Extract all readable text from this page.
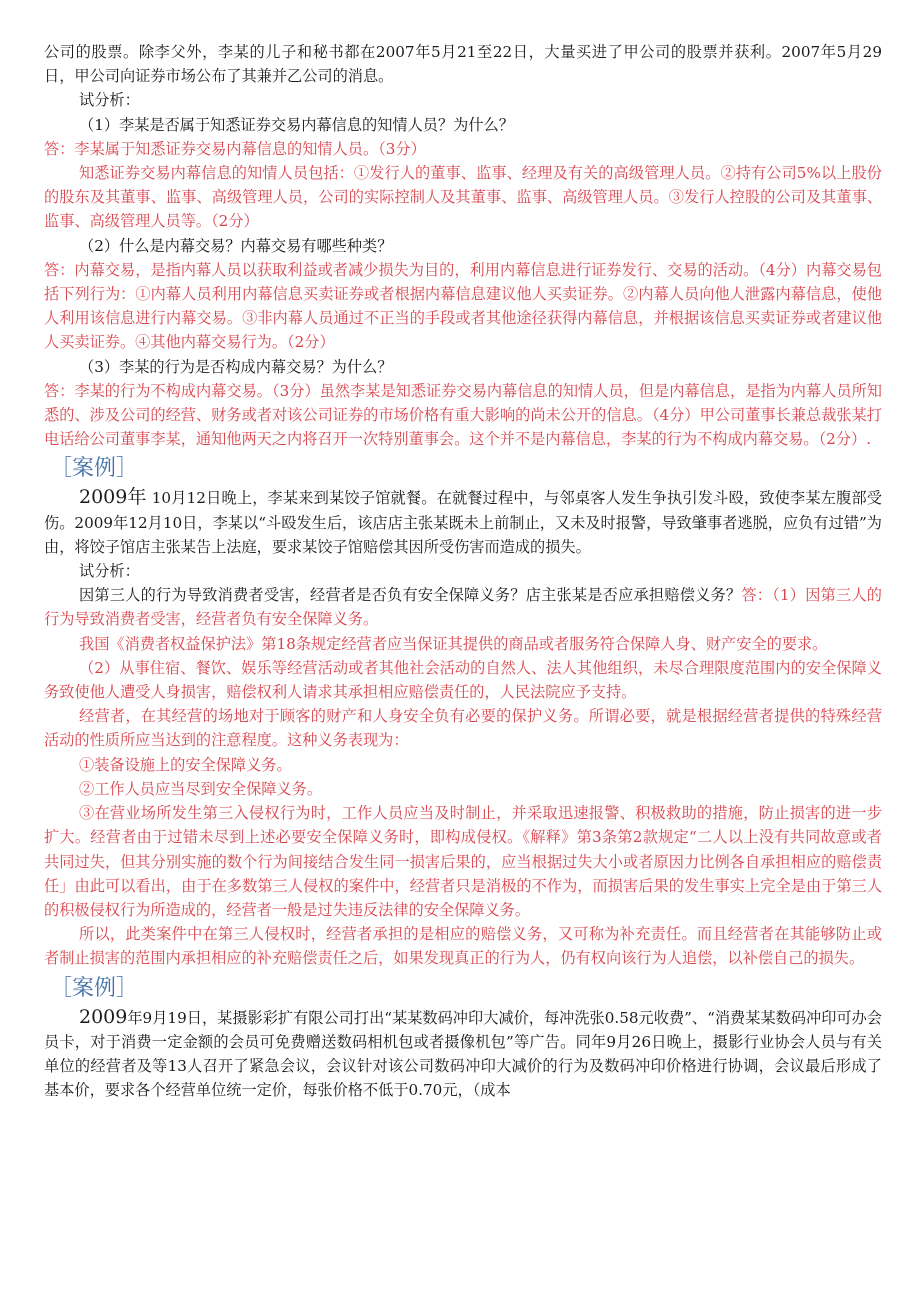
公司的股票。除李父外，李某的儿子和秘书都在2007年5月21至22日，大量买进了甲公司的股票并获利。2007年5月29日，甲公司向证券市场公布了其兼并乙公司的消息。

试分析：

（1）李某是否属于知悉证券交易内幕信息的知情人员？为什么？

答：李某属于知悉证券交易内幕信息的知情人员。（3分）

知悉证券交易内幕信息的知情人员包括：①发行人的董事、监事、经理及有关的高级管理人员。②持有公司5%以上股份的股东及其董事、监事、高级管理人员，公司的实际控制人及其董事、监事、高级管理人员。③发行人控股的公司及其董事、监事、高级管理人员等。（2分）

（2）什么是内幕交易？内幕交易有哪些种类？

答：内幕交易，是指内幕人员以获取利益或者减少损失为目的，利用内幕信息进行证券发行、交易的活动。（4分）内幕交易包括下列行为：①内幕人员利用内幕信息买卖证券或者根据内幕信息建议他人买卖证券。②内幕人员向他人泄露内幕信息，使他人利用该信息进行内幕交易。③非内幕人员通过不正当的手段或者其他途径获得内幕信息，并根据该信息买卖证券或者建议他人买卖证券。④其他内幕交易行为。（2分）

（3）李某的行为是否构成内幕交易？为什么？

答：李某的行为不构成内幕交易。（3分）虽然李某是知悉证券交易内幕信息的知情人员，但是内幕信息，是指为内幕人员所知悉的、涉及公司的经营、财务或者对该公司证券的市场价格有重大影响的尚未公开的信息。（4分）甲公司董事长兼总裁张某打电话给公司董事李某，通知他两天之内将召开一次特别董事会。这个并不是内幕信息，李某的行为不构成内幕交易。（2分）.

［案例］

2009年 10月12日晚上，李某来到某饺子馆就餐。在就餐过程中，与邻桌客人发生争执引发斗殴，致使李某左腹部受伤。2009年12月10日，李某以“斗殴发生后，该店店主张某既未上前制止，又未及时报警，导致肇事者逃脱，应负有过错”为由，将饺子馆店主张某告上法庭，要求某饺子馆赔偿其因所受伤害而造成的损失。

试分析：

因第三人的行为导致消费者受害，经营者是否负有安全保障义务？店主张某是否应承担赔偿义务？答：（1）因第三人的行为导致消费者受害，经营者负有安全保障义务。

我国《消费者权益保护法》第18条规定经营者应当保证其提供的商品或者服务符合保障人身、财产安全的要求。

（2）从事住宿、餐饮、娱乐等经营活动或者其他社会活动的自然人、法人其他组织，未尽合理限度范围内的安全保障义务致使他人遭受人身损害，赔偿权利人请求其承担相应赔偿责任的，人民法院应予支持。

经营者，在其经营的场地对于顾客的财产和人身安全负有必要的保护义务。所谓必要，就是根据经营者提供的特殊经营活动的性质所应当达到的注意程度。这种义务表现为：

①装备设施上的安全保障义务。

②工作人员应当尽到安全保障义务。

③在营业场所发生第三入侵权行为时，工作人员应当及时制止，并采取迅速报警、积极救助的措施，防止损害的进一步扩大。经营者由于过错未尽到上述必要安全保障义务时，即构成侵权。《解释》第3条第2款规定“二人以上没有共同故意或者共同过失，但其分别实施的数个行为间接结合发生同一损害后果的，应当根据过失大小或者原因力比例各自承担相应的赔偿责任」由此可以看出，由于在多数第三人侵权的案件中，经营者只是消极的不作为，而损害后果的发生事实上完全是由于第三人的积极侵权行为所造成的，经营者一般是过失违反法律的安全保障义务。

所以，此类案件中在第三人侵权时，经营者承担的是相应的赔偿义务，又可称为补充责任。而且经营者在其能够防止或者制止损害的范围内承担相应的补充赔偿责任之后，如果发现真正的行为人，仍有权向该行为人追偿，以补偿自己的损失。

［案例］

2009年9月19日，某摄影彩扩有限公司打出“某某数码冲印大减价，每冲洗张0.58元收费”、“消费某某数码冲印可办会员卡，对于消费一定金额的会员可免费赠送数码相机包或者摄像机包”等广告。同年9月26日晚上，摄影行业协会人员与有关单位的经营者及等13人召开了紧急会议，会议针对该公司数码冲印大减价的行为及数码冲印价格进行协调，会议最后形成了基本价，要求各个经营单位统一定价，每张价格不低于0.70元，（成本
